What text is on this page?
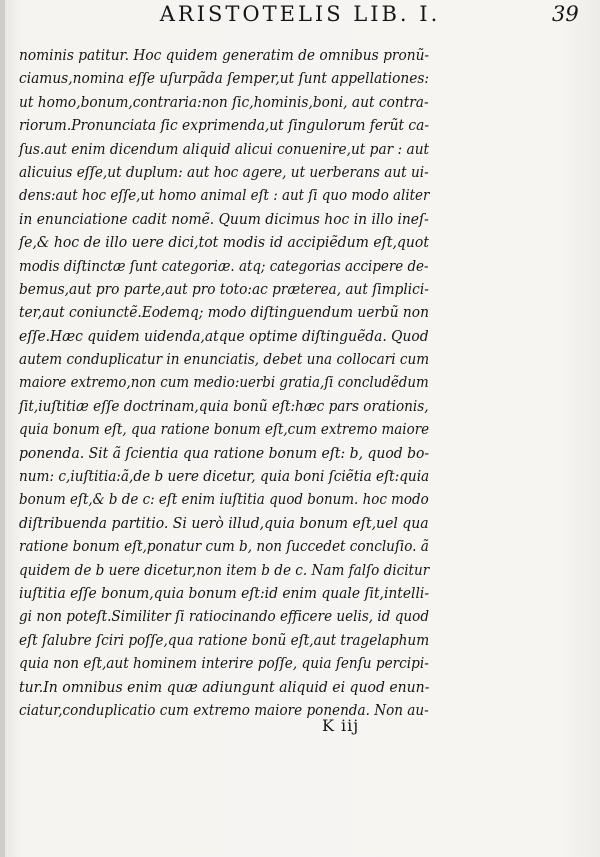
ARISTOTELIS LIB. I.	39
nominis patitur. Hoc quidem generatim de omnibus pronũ-
ciamus,nomina eſſe uſurpãda ſemper,ut ſunt appellationes:
ut homo,bonum,contraria:non ſic,hominis,boni, aut contra-
riorum.Pronunciata ſic exprimenda,ut ſingulorum ferũt ca-
ſus.aut enim dicendum aliquid alicui conuenire,ut par : aut
alicuius eſſe,ut duplum: aut hoc agere, ut uerberans aut ui-
dens:aut hoc eſſe,ut homo animal eſt : aut ſi quo modo aliter
in enunciatione cadit nomẽ. Quum dicimus hoc in illo ineſ-
ſe,& hoc de illo uere dici,tot modis id accipiẽdum eſt,quot
modis diſtinctæ ſunt categoriæ. atq; categorias accipere de-
bemus,aut pro parte,aut pro toto:ac præterea, aut ſimplici-
ter,aut coniunctẽ.Eodemq; modo diſtinguendum uerbũ non
eſſe.Hæc quidem uidenda,atque optime diſtinguẽda. Quod
autem conduplicatur in enunciatis, debet una collocari cum
maiore extremo,non cum medio:uerbi gratia,ſi concludẽdum
ſit,iuſtitiæ eſſe doctrinam,quia bonũ eſt:hæc pars orationis,
quia bonum eſt, qua ratione bonum eſt,cum extremo maiore
ponenda. Sit ã ſcientia qua ratione bonum eſt: b, quod bo-
num: c,iuſtitia:ã,de b uere dicetur, quia boni ſciẽtia eſt:quia
bonum eſt,& b de c: eſt enim iuſtitia quod bonum. hoc modo
diſtribuenda partitio. Si uerò illud,quia bonum eſt,uel qua
ratione bonum eſt,ponatur cum b, non ſuccedet concluſio. ã
quidem de b uere dicetur,non item b de c. Nam falſo dicitur
iuſtitia eſſe bonum,quia bonum eſt:id enim quale ſit,intelli-
gi non poteſt.Similiter ſi ratiocinando efficere uelis, id quod
eſt ſalubre ſciri poſſe,qua ratione bonũ eſt,aut tragelaphum
quia non eſt,aut hominem interire poſſe, quia ſenſu percipi-
tur.In omnibus enim quæ adiungunt aliquid ei quod enun-
ciatur,conduplicatio cum extremo maiore ponenda. Non au-
K iij
